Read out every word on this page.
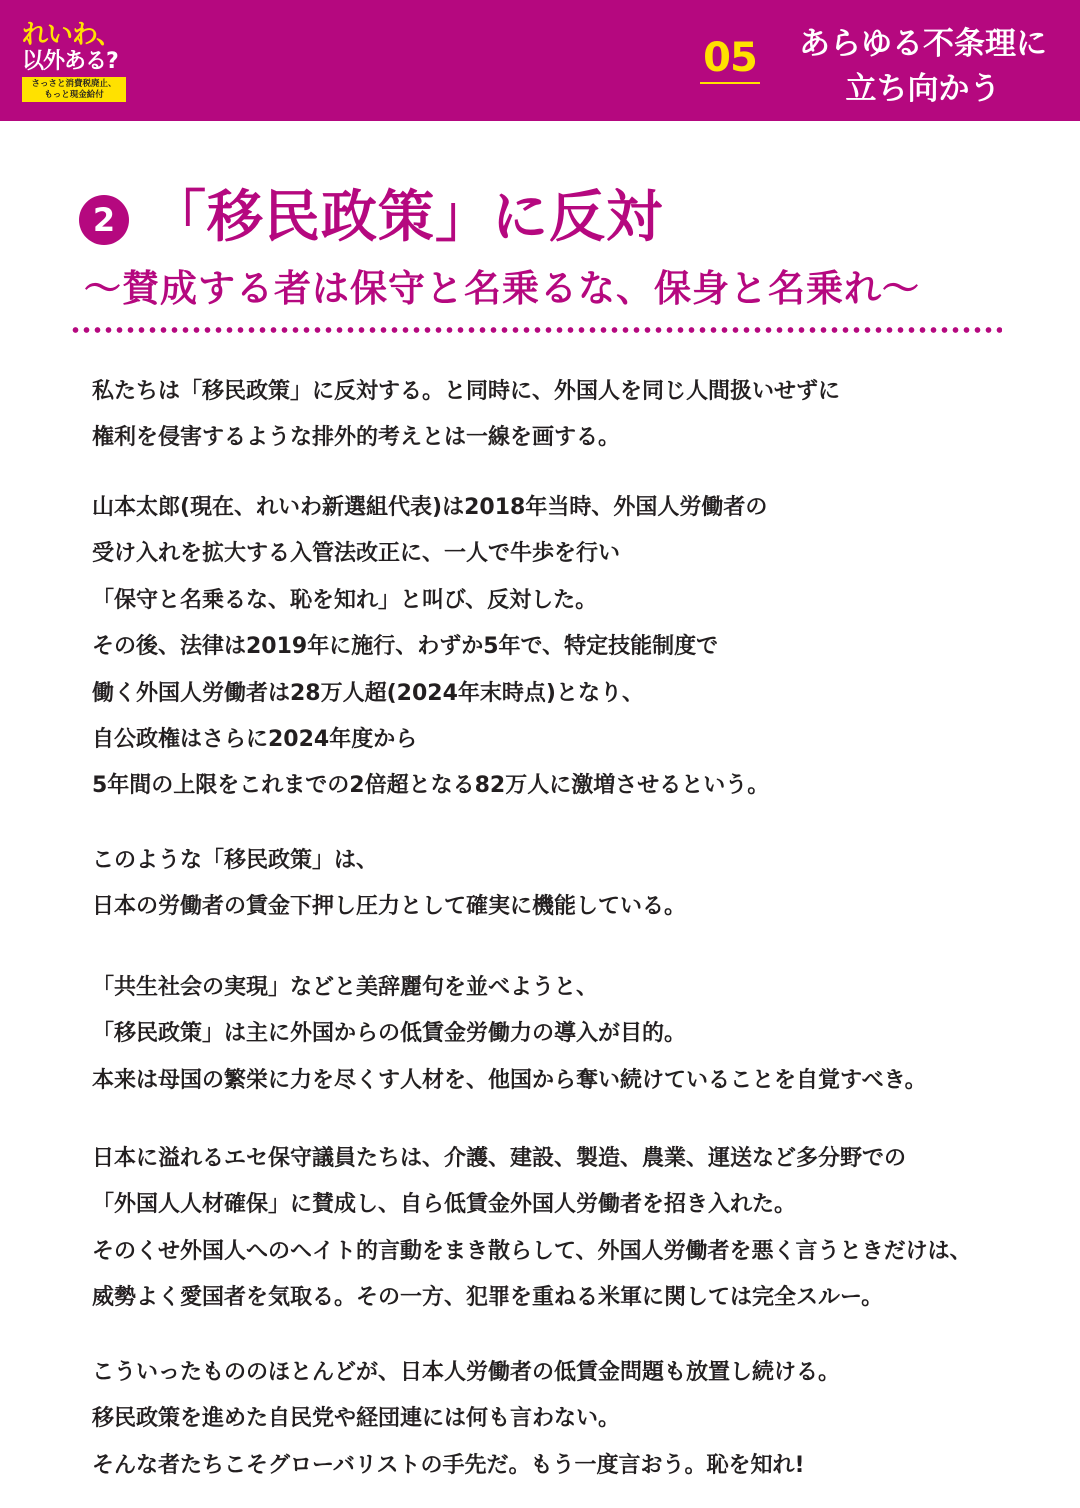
れいわ、
以外ある?
さっさと消費税廃止、
もっと現金給付
05	あらゆる不条理に
立ち向かう
2 「移民政策」に反対
〜賛成する者は保守と名乗るな、保身と名乗れ〜
私たちは「移民政策」に反対する。と同時に、外国人を同じ人間扱いせずに
権利を侵害するような排外的考えとは一線を画する。
山本太郎(現在、れいわ新選組代表)は2018年当時、外国人労働者の
受け入れを拡大する入管法改正に、一人で牛歩を行い
「保守と名乗るな、恥を知れ」と叫び、反対した。
その後、法律は2019年に施行、わずか5年で、特定技能制度で
働く外国人労働者は28万人超(2024年末時点)となり、
自公政権はさらに2024年度から
5年間の上限をこれまでの2倍超となる82万人に激増させるという。
このような「移民政策」は、
日本の労働者の賃金下押し圧力として確実に機能している。
「共生社会の実現」などと美辞麗句を並べようと、
「移民政策」は主に外国からの低賃金労働力の導入が目的。
本来は母国の繁栄に力を尽くす人材を、他国から奪い続けていることを自覚すべき。
日本に溢れるエセ保守議員たちは、介護、建設、製造、農業、運送など多分野での
「外国人人材確保」に賛成し、自ら低賃金外国人労働者を招き入れた。
そのくせ外国人へのヘイト的言動をまき散らして、外国人労働者を悪く言うときだけは、
威勢よく愛国者を気取る。その一方、犯罪を重ねる米軍に関しては完全スルー。
こういったもののほとんどが、日本人労働者の低賃金問題も放置し続ける。
移民政策を進めた自民党や経団連には何も言わない。
そんな者たちこそグローバリストの手先だ。もう一度言おう。恥を知れ!
